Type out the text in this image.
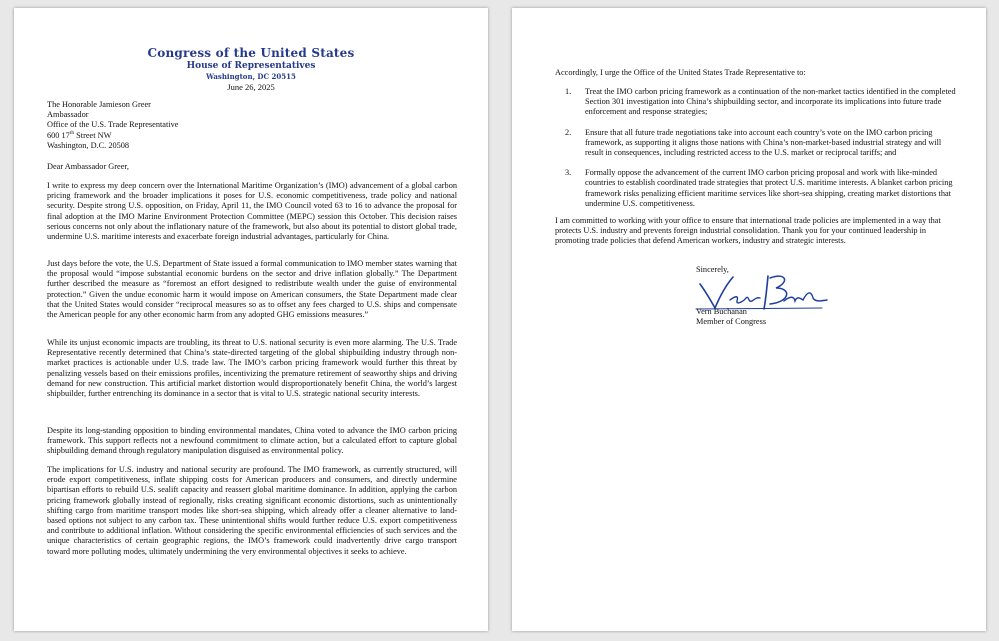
Congress of the United States
House of Representatives
Washington, DC 20515
June 26, 2025
The Honorable Jamieson Greer
Ambassador
Office of the U.S. Trade Representative
600 17th Street NW
Washington, D.C. 20508
Dear Ambassador Greer,
I write to express my deep concern over the International Maritime Organization’s (IMO) advancement of a global carbon pricing framework and the broader implications it poses for U.S. economic competitiveness, trade policy and national security. Despite strong U.S. opposition, on Friday, April 11, the IMO Council voted 63 to 16 to advance the proposal for final adoption at the IMO Marine Environment Protection Committee (MEPC) session this October. This decision raises serious concerns not only about the inflationary nature of the framework, but also about its potential to distort global trade, undermine U.S. maritime interests and exacerbate foreign industrial advantages, particularly for China.
Just days before the vote, the U.S. Department of State issued a formal communication to IMO member states warning that the proposal would “impose substantial economic burdens on the sector and drive inflation globally.” The Department further described the measure as “foremost an effort designed to redistribute wealth under the guise of environmental protection.” Given the undue economic harm it would impose on American consumers, the State Department made clear that the United States would consider “reciprocal measures so as to offset any fees charged to U.S. ships and compensate the American people for any other economic harm from any adopted GHG emissions measures.”
While its unjust economic impacts are troubling, its threat to U.S. national security is even more alarming. The U.S. Trade Representative recently determined that China’s state-directed targeting of the global shipbuilding industry through non-market practices is actionable under U.S. trade law. The IMO’s carbon pricing framework would further this threat by penalizing vessels based on their emissions profiles, incentivizing the premature retirement of seaworthy ships and driving demand for new construction. This artificial market distortion would disproportionately benefit China, the world’s largest shipbuilder, further entrenching its dominance in a sector that is vital to U.S. strategic national security interests.
Despite its long-standing opposition to binding environmental mandates, China voted to advance the IMO carbon pricing framework. This support reflects not a newfound commitment to climate action, but a calculated effort to capture global shipbuilding demand through regulatory manipulation disguised as environmental policy.
The implications for U.S. industry and national security are profound. The IMO framework, as currently structured, will erode export competitiveness, inflate shipping costs for American producers and consumers, and directly undermine bipartisan efforts to rebuild U.S. sealift capacity and reassert global maritime dominance. In addition, applying the carbon pricing framework globally instead of regionally, risks creating significant economic distortions, such as unintentionally shifting cargo from maritime transport modes like short-sea shipping, which already offer a cleaner alternative to land-based options not subject to any carbon tax. These unintentional shifts would further reduce U.S. export competitiveness and contribute to additional inflation. Without considering the specific environmental efficiencies of such services and the unique characteristics of certain geographic regions, the IMO’s framework could inadvertently drive cargo transport toward more polluting modes, ultimately undermining the very environmental objectives it seeks to achieve.
Accordingly, I urge the Office of the United States Trade Representative to:
1.	Treat the IMO carbon pricing framework as a continuation of the non-market tactics identified in the completed Section 301 investigation into China’s shipbuilding sector, and incorporate its implications into future trade enforcement and response strategies;
2.	Ensure that all future trade negotiations take into account each country’s vote on the IMO carbon pricing framework, as supporting it aligns those nations with China’s non-market-based industrial strategy and will result in consequences, including restricted access to the U.S. market or reciprocal tariffs; and
3.	Formally oppose the advancement of the current IMO carbon pricing proposal and work with like-minded countries to establish coordinated trade strategies that protect U.S. maritime interests. A blanket carbon pricing framework risks penalizing efficient maritime services like short-sea shipping, creating market distortions that undermine U.S. competitiveness.
I am committed to working with your office to ensure that international trade policies are implemented in a way that protects U.S. industry and prevents foreign industrial consolidation. Thank you for your continued leadership in promoting trade policies that defend American workers, industry and strategic interests.
Sincerely,
Vern Buchanan
Member of Congress
